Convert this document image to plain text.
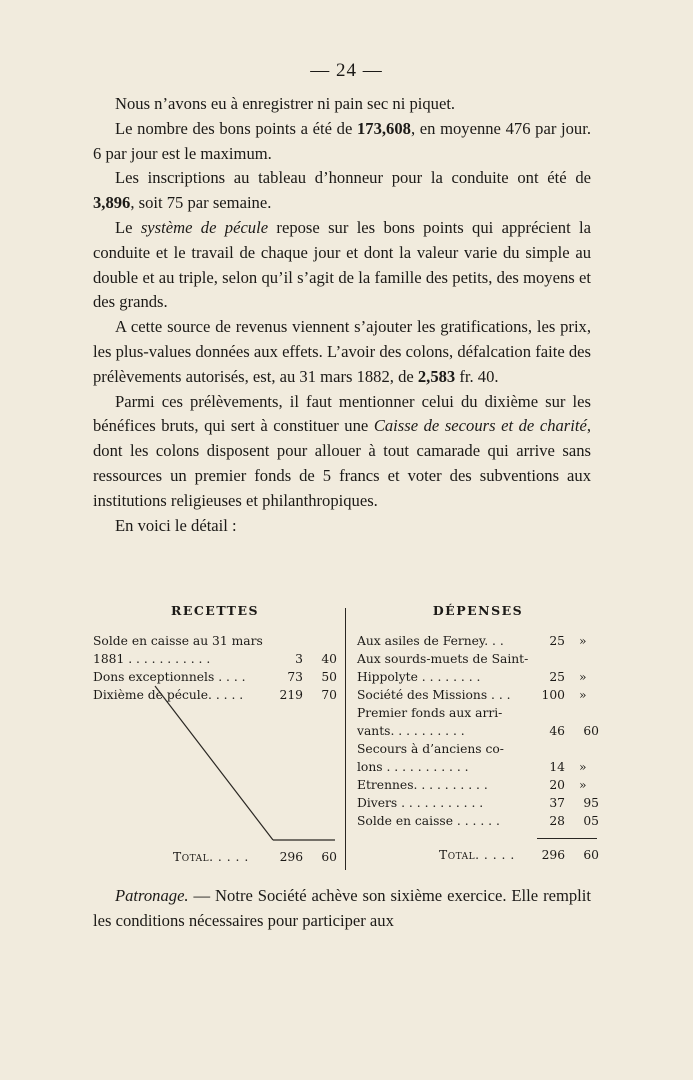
— 24 —

Nous n’avons eu à enregistrer ni pain sec ni piquet.

Le nombre des bons points a été de 173,608, en moyenne 476 par jour. 6 par jour est le maximum.

Les inscriptions au tableau d’honneur pour la conduite ont été de 3,896, soit 75 par semaine.

Le système de pécule repose sur les bons points qui apprécient la conduite et le travail de chaque jour et dont la valeur varie du simple au double et au triple, selon qu’il s’agit de la famille des petits, des moyens et des grands.

A cette source de revenus viennent s’ajouter les gratifications, les prix, les plus-values données aux effets. L’avoir des colons, défalcation faite des prélèvements autorisés, est, au 31 mars 1882, de 2,583 fr. 40.

Parmi ces prélèvements, il faut mentionner celui du dixième sur les bénéfices bruts, qui sert à constituer une Caisse de secours et de charité, dont les colons disposent pour allouer à tout camarade qui arrive sans ressources un premier fonds de 5 francs et voter des subventions aux institutions religieuses et philanthropiques.

En voici le détail :

RECETTES
Solde en caisse au 31 mars
1881 . . . . . . . . . . .	3 40
Dons exceptionnels . . . .	73 50
Dixième de pécule. . . . .	219 70
Total. . . . .	296 60
DÉPENSES
Aux asiles de Ferney. . .	25 »
Aux sourds-muets de Saint-
Hippolyte . . . . . . . .	25 »
Société des Missions . . .	100 »
Premier fonds aux arri-
vants. . . . . . . . . .	46 60
Secours à d’anciens co-
lons . . . . . . . . . . .	14 »
Etrennes. . . . . . . . . .	20 »
Divers . . . . . . . . . . .	37 95
Solde en caisse . . . . . .	28 05
Total. . . . . 296 60

Patronage. — Notre Société achève son sixième exercice. Elle remplit les conditions nécessaires pour participer aux
